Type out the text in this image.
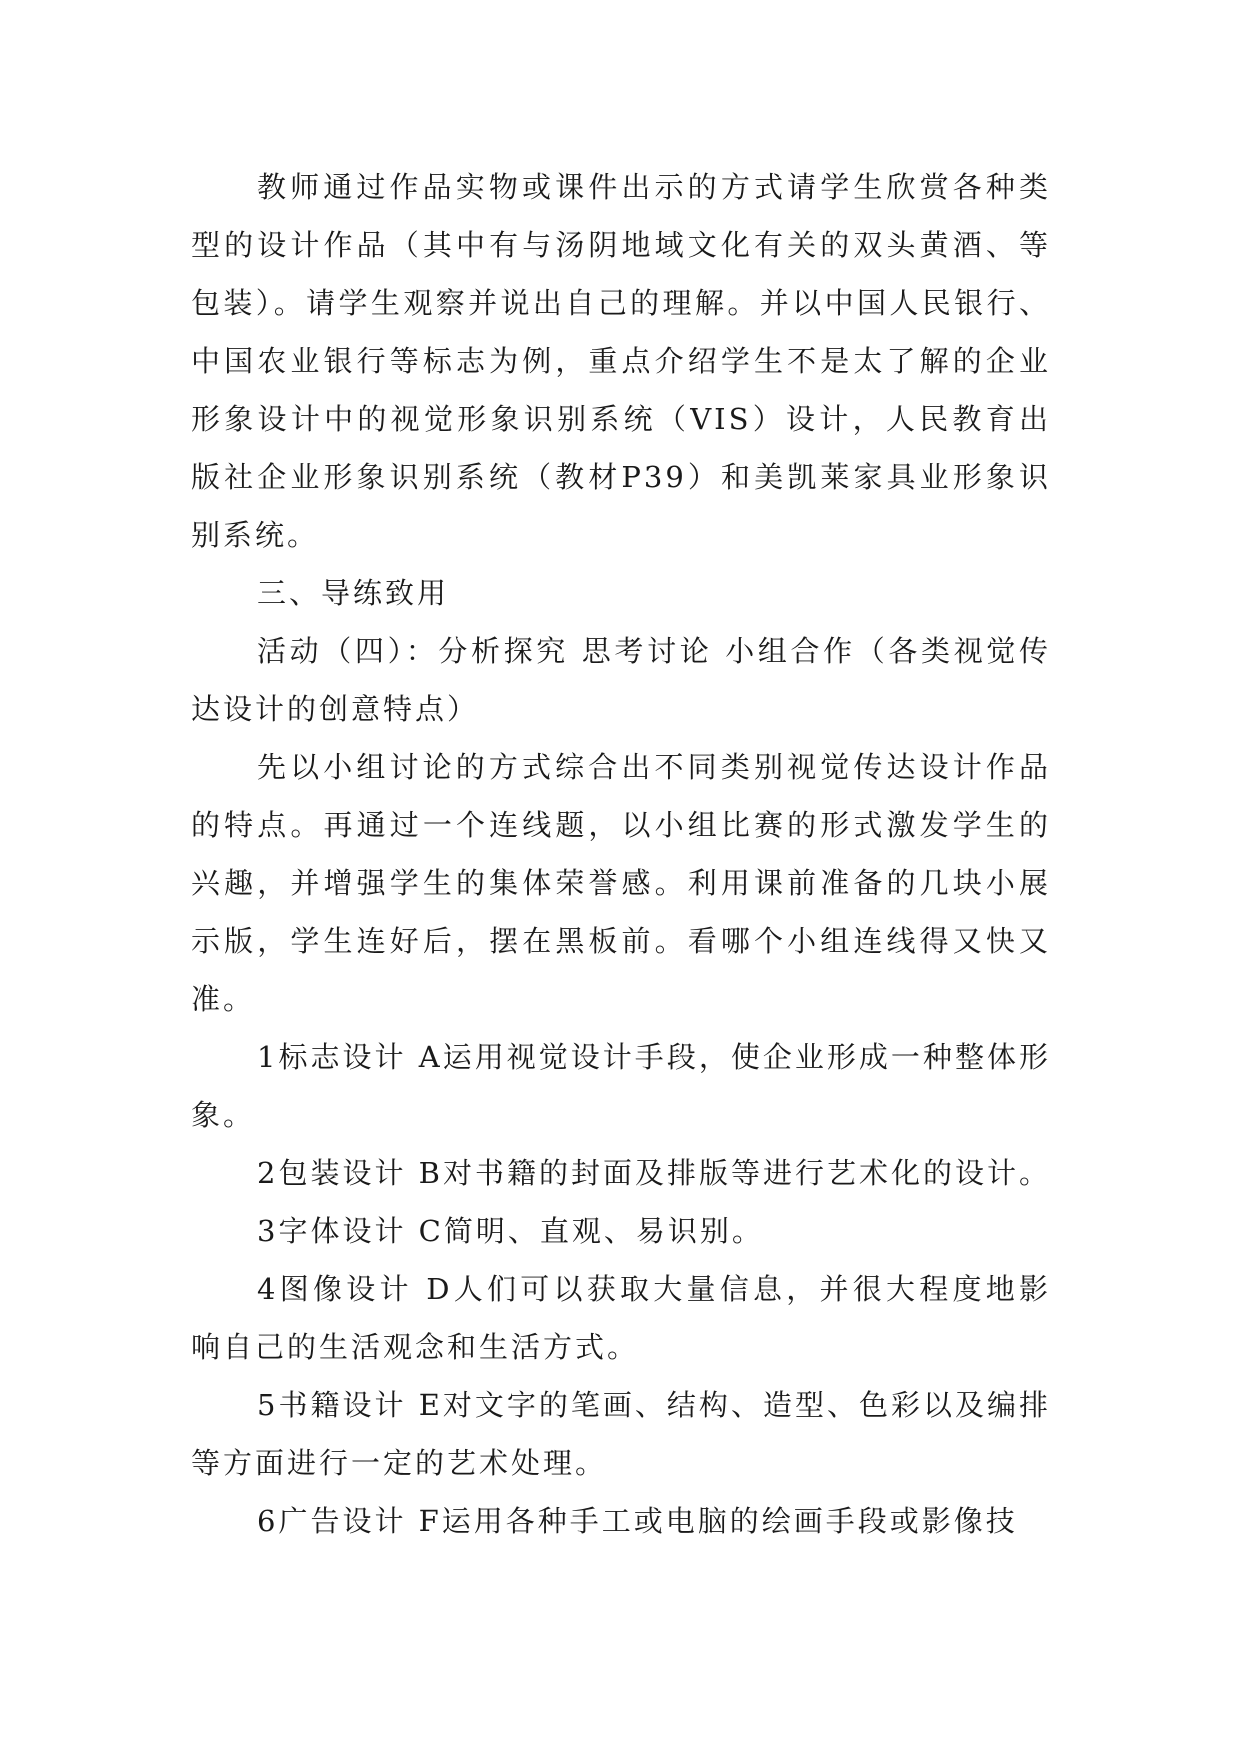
教师通过作品实物或课件出示的方式请学生欣赏各种类型的设计作品（其中有与汤阴地域文化有关的双头黄酒、等包装）。请学生观察并说出自己的理解。并以中国人民银行、中国农业银行等标志为例，重点介绍学生不是太了解的企业形象设计中的视觉形象识别系统（VIS）设计，人民教育出版社企业形象识别系统（教材P39）和美凯莱家具业形象识别系统。

三、导练致用

活动（四）：分析探究 思考讨论 小组合作（各类视觉传达设计的创意特点）

先以小组讨论的方式综合出不同类别视觉传达设计作品的特点。再通过一个连线题，以小组比赛的形式激发学生的兴趣，并增强学生的集体荣誉感。利用课前准备的几块小展示版，学生连好后，摆在黑板前。看哪个小组连线得又快又准。

1标志设计 A运用视觉设计手段，使企业形成一种整体形象。

2包装设计 B对书籍的封面及排版等进行艺术化的设计。

3字体设计 C简明、直观、易识别。

4图像设计 D人们可以获取大量信息，并很大程度地影响自己的生活观念和生活方式。

5书籍设计 E对文字的笔画、结构、造型、色彩以及编排等方面进行一定的艺术处理。

6广告设计 F运用各种手工或电脑的绘画手段或影像技
